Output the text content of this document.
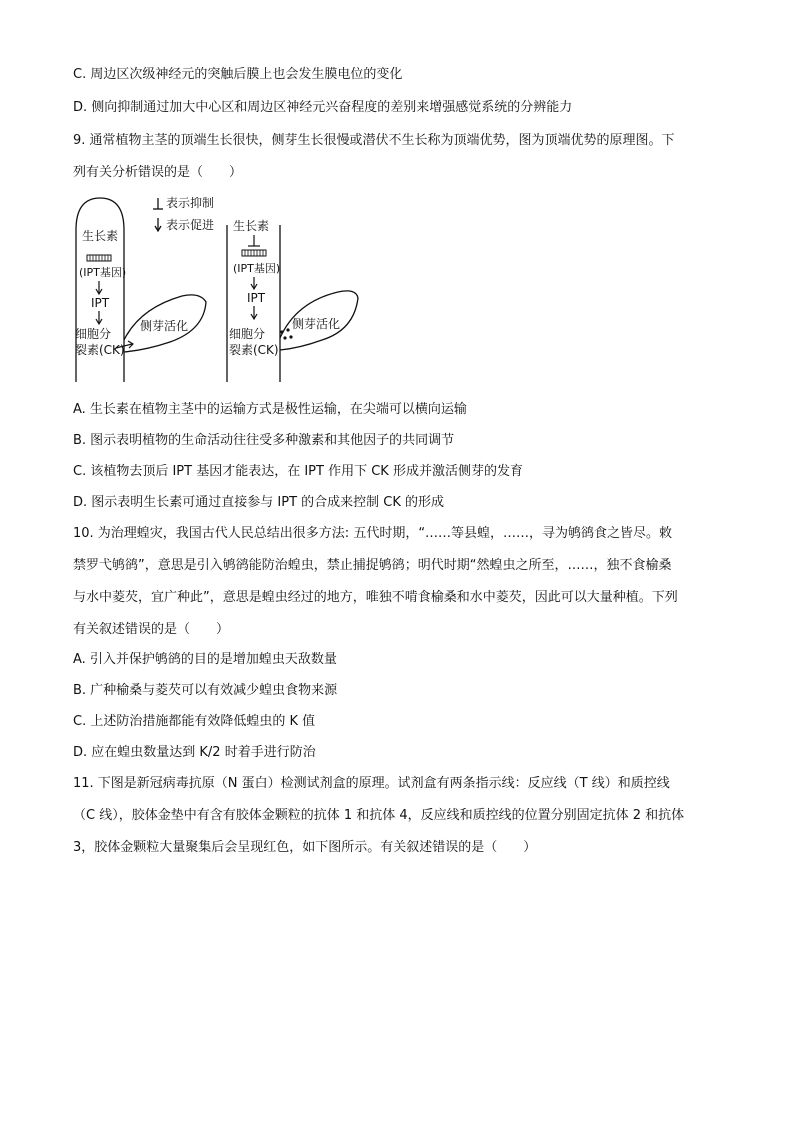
C. 周边区次级神经元的突触后膜上也会发生膜电位的变化
D. 侧向抑制通过加大中心区和周边区神经元兴奋程度的差别来增强感觉系统的分辨能力
9. 通常植物主茎的顶端生长很快，侧芽生长很慢或潜伏不生长称为顶端优势，图为顶端优势的原理图。下
列有关分析错误的是（　　）
表示抑制
表示促进
生长素
(IPT基因)
IPT
细胞分
裂素(CK)
侧芽活化
生长素
(IPT基因)
IPT
细胞分
裂素(CK)
侧芽活化
A. 生长素在植物主茎中的运输方式是极性运输，在尖端可以横向运输
B. 图示表明植物的生命活动往往受多种激素和其他因子的共同调节
C. 该植物去顶后 IPT 基因才能表达，在 IPT 作用下 CK 形成并激活侧芽的发育
D. 图示表明生长素可通过直接参与 IPT 的合成来控制 CK 的形成
10. 为治理蝗灾，我国古代人民总结出很多方法: 五代时期，“……等县蝗，……，寻为鸲鹆食之皆尽。敕
禁罗弋鸲鹆”，意思是引入鸲鹆能防治蝗虫，禁止捕捉鸲鹆；明代时期“然蝗虫之所至，……，独不食榆桑
与水中菱芡，宜广种此”，意思是蝗虫经过的地方，唯独不啃食榆桑和水中菱芡，因此可以大量种植。下列
有关叙述错误的是（　　）
A. 引入并保护鸲鹆的目的是增加蝗虫天敌数量
B. 广种榆桑与菱芡可以有效减少蝗虫食物来源
C. 上述防治措施都能有效降低蝗虫的 K 值
D. 应在蝗虫数量达到 K/2 时着手进行防治
11. 下图是新冠病毒抗原（N 蛋白）检测试剂盒的原理。试剂盒有两条指示线：反应线（T 线）和质控线
（C 线），胶体金垫中有含有胶体金颗粒的抗体 1 和抗体 4，反应线和质控线的位置分别固定抗体 2 和抗体
3，胶体金颗粒大量聚集后会呈现红色，如下图所示。有关叙述错误的是（　　）
